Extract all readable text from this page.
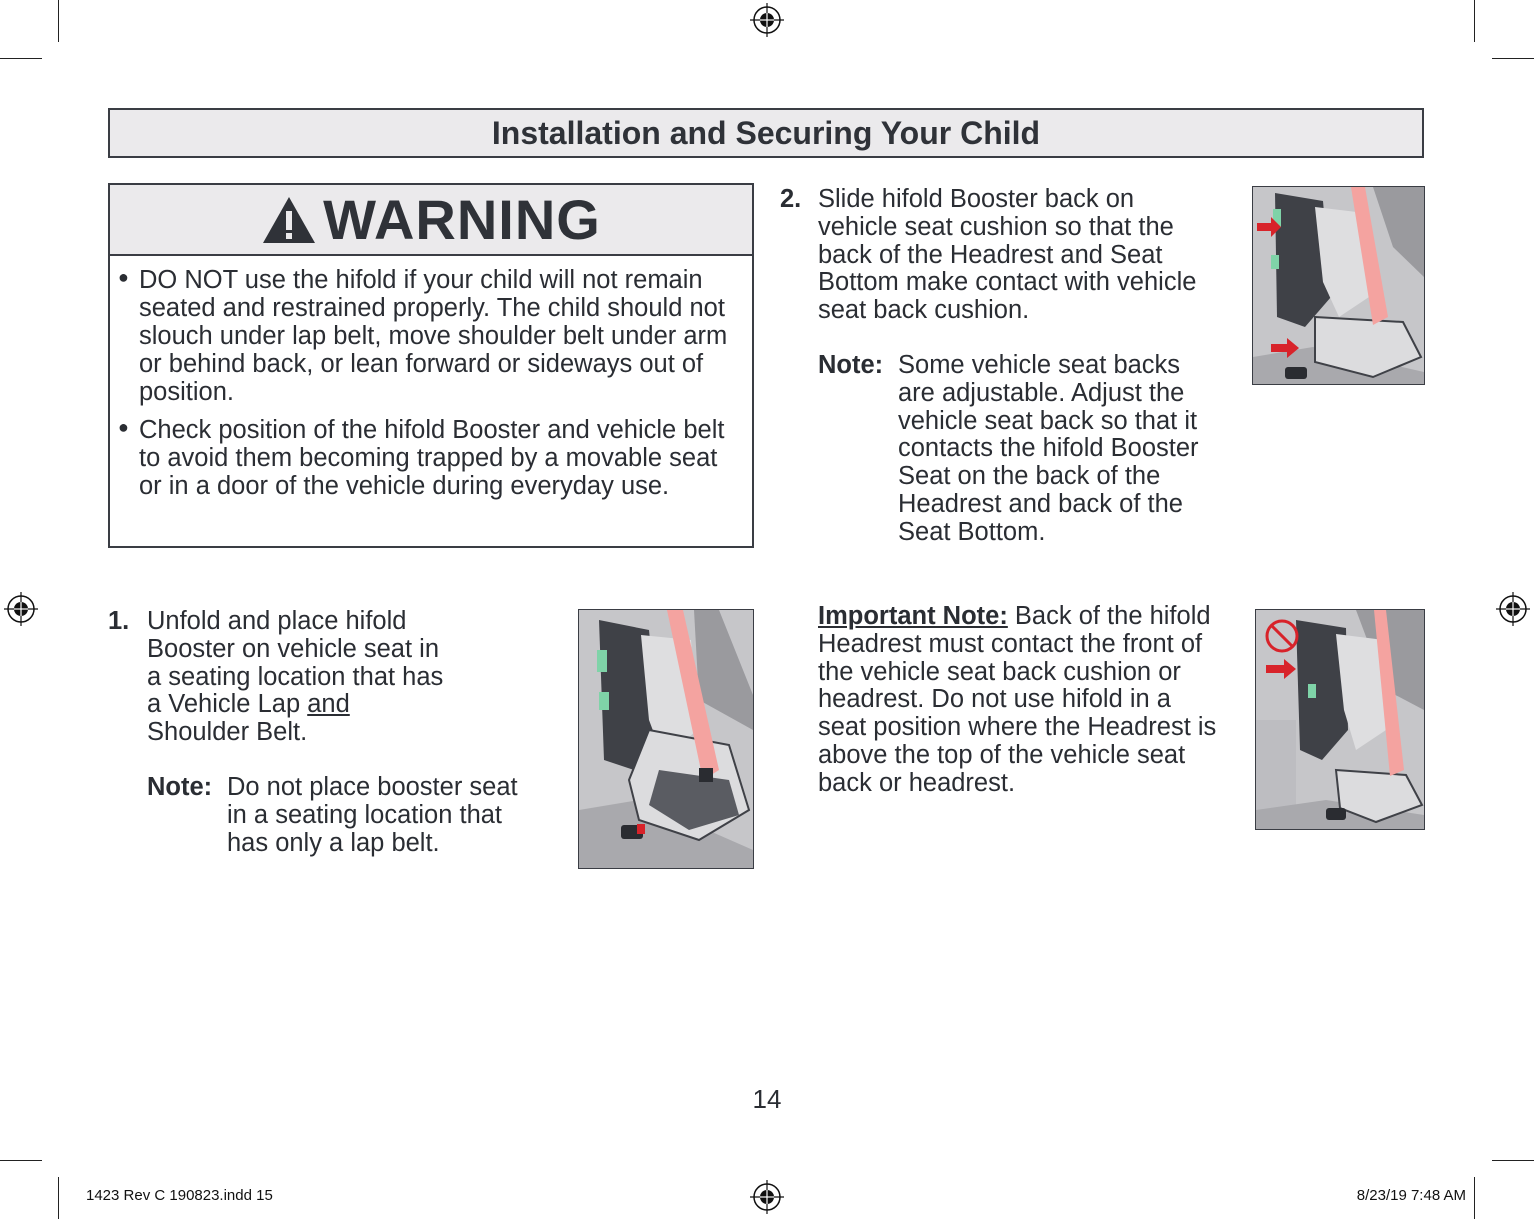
Installation and Securing Your Child
WARNING
● DO NOT use the hifold if your child will not remain seated and restrained properly. The child should not slouch under lap belt, move shoulder belt under arm or behind back, or lean forward or sideways out of position.
● Check position of the hifold Booster and vehicle belt to avoid them becoming trapped by a movable seat or in a door of the vehicle during everyday use.
1. Unfold and place hifold Booster on vehicle seat in a seating location that has a Vehicle Lap and Shoulder Belt.
Note: Do not place booster seat in a seating location that has only a lap belt.
2. Slide hifold Booster back on vehicle seat cushion so that the back of the Headrest and Seat Bottom make contact with vehicle seat back cushion.
Note: Some vehicle seat backs are adjustable. Adjust the vehicle seat back so that it contacts the hifold Booster Seat on the back of the Headrest and back of the Seat Bottom.
Important Note: Back of the hifold Headrest must contact the front of the vehicle seat back cushion or headrest. Do not use hifold in a seat position where the Headrest is above the top of the vehicle seat back or headrest.
14
1423 Rev C 190823.indd 15	8/23/19 7:48 AM
